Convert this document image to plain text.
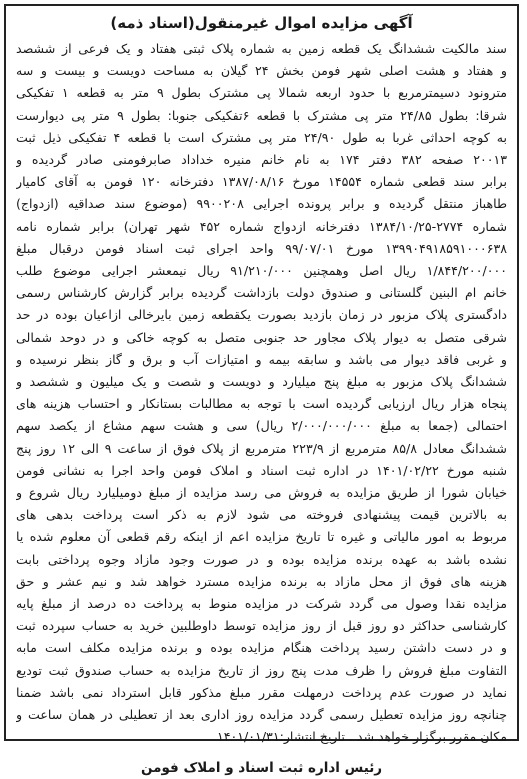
آگهی مزایده اموال غیرمنقول(اسناد ذمه)
سند مالکیت ششدانگ یک قطعه زمین به شماره پلاک ثبتی هفتاد و یک فرعی از ششصد
و هفتاد و هشت اصلی شهر فومن بخش ۲۴ گیلان به مساحت دویست و بیست و سه
مترونود دسیمترمربع با حدود اربعه شمالا پی مشترک بطول ۹ متر به قطعه ۱ تفکیکی
شرقا: بطول ۲۴/۸۵ متر پی مشترک با قطعه ۶تفکیکی جنوبا: بطول ۹ متر پی دیوارست
به کوچه احداثی غربا به طول ۲۴/۹۰ متر پی مشترک است با قطعه ۴ تفکیکی ذیل ثبت
۲۰۰۱۳ صفحه ۳۸۲ دفتر ۱۷۴ به نام خانم منیره خداداد صابرفومنی صادر گردیده و
برابر سند قطعی شماره ۱۴۵۵۴ مورخ ۱۳۸۷/۰۸/۱۶ دفترخانه ۱۲۰ فومن به آقای کامیار
طاهباز منتقل گردیده و برابر پرونده اجرایی ۹۹۰۰۲۰۸ (موضوع سند صداقیه (ازدواج)
شماره ۲۷۷۴-۱۳۸۴/۱۰/۲۵ دفترخانه ازدواج شماره ۴۵۲ شهر تهران) برابر شماره نامه
۱۳۹۹۰۴۹۱۸۵۹۱۰۰۰۶۳۸ مورخ ۹۹/۰۷/۰۱ واحد اجرای ثبت اسناد فومن درقبال مبلغ
۱/۸۴۴/۲۰۰/۰۰۰ ریال اصل وهمچنین ۹۱/۲۱۰/۰۰۰ ریال نیمعشر اجرایی موضوع طلب
خانم ام البنین گلستانی و صندوق دولت بازداشت گردیده برابر گزارش کارشناس رسمی
دادگستری پلاک مزبور در زمان بازدید بصورت یکقطعه زمین بایرخالی ازاعیان بوده در حد
شرقی متصل به دیوار پلاک مجاور حد جنوبی متصل به کوچه خاکی و در دوحد شمالی
و غربی فاقد دیوار می باشد و سابقه بیمه و امتیازات آب و برق و گاز بنظر نرسیده و
ششدانگ پلاک مزبور به مبلغ پنج میلیارد و دویست و شصت و یک میلیون و ششصد و
پنجاه هزار ریال ارزیابی گردیده است با توجه به مطالبات بستانکار و احتساب هزینه های
احتمالی (جمعا به مبلغ ۲/۰۰۰/۰۰۰/۰۰۰ ریال) سی و هشت سهم مشاع از یکصد سهم
ششدانگ معادل ۸۵/۸ مترمربع از ۲۲۳/۹ مترمربع از پلاک فوق از ساعت ۹ الی ۱۲ روز پنج
شنبه مورخ ۱۴۰۱/۰۲/۲۲ در اداره ثبت اسناد و املاک فومن واحد اجرا به نشانی فومن
خیابان شورا از طریق مزایده به فروش می رسد مزایده از مبلغ دومیلیارد ریال شروع و
به بالاترین قیمت پیشنهادی فروخته می شود لازم به ذکر است پرداخت بدهی های
مربوط به امور مالیاتی و غیره تا تاریخ مزایده اعم از اینکه رقم قطعی آن معلوم شده یا
نشده باشد به عهده برنده مزایده بوده و در صورت وجود مازاد وجوه پرداختی بابت
هزینه های فوق از محل مازاد به برنده مزایده مسترد خواهد شد و نیم عشر و حق
مزایده نقدا وصول می گردد شرکت در مزایده منوط به پرداخت ده درصد از مبلغ پایه
کارشناسی حداکثر دو روز قبل از روز مزایده توسط داوطلبین خرید به حساب سپرده ثبت
و در دست داشتن رسید پرداخت هنگام مزایده بوده و برنده مزایده مکلف است مابه
التفاوت مبلغ فروش را ظرف مدت پنج روز از تاریخ مزایده به حساب صندوق ثبت تودیع
نماید در صورت عدم پرداخت درمهلت مقرر مبلغ مذکور قابل استرداد نمی باشد ضمنا
چنانچه روز مزایده تعطیل رسمی گردد مزایده روز اداری بعد از تعطیلی در همان ساعت و
مکان مقرر برگزار خواهد شد . تاریخ انتشار:۱۴۰۱/۰۱/۳۱
رئیس اداره ثبت اسناد و املاک فومن
